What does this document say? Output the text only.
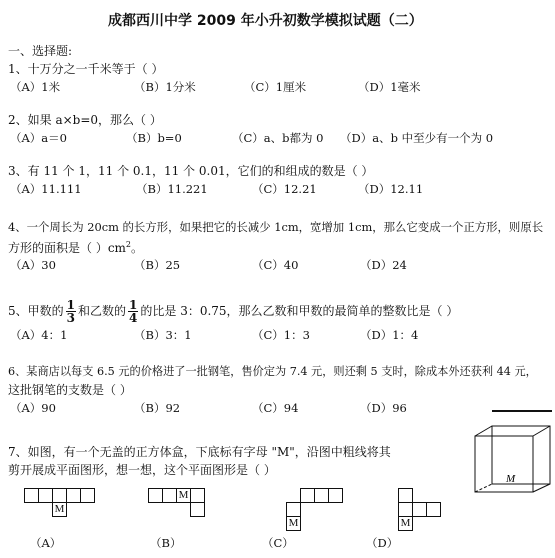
成都西川中学 2009 年小升初数学模拟试题（二）
一、选择题:
1、十万分之一千米等于（ ）
（A）1米	（B）1分米	（C）1厘米	（D）1毫米
2、如果 a×b=0，那么（ ）
（A）a＝0	（B）b=0	（C）a、b都为 0 （D）a、b 中至少有一个为 0
3、有 11 个 1，11 个 0.1，11 个 0.01，它们的和组成的数是（ ）
（A）11.111	（B）11.221	（C）12.21	（D）12.11
4、一个周长为 20cm 的长方形，如果把它的长减少 1cm，宽增加 1cm，那么它变成一个正方形，则原长
方形的面积是（ ）$cm^2$。
（A）30	（B）25	（C）40	（D）24
5、甲数的 $\frac{1}{3}$ 和乙数的 $\frac{1}{4}$ 的比是 3：0.75，那么乙数和甲数的最简单的整数比是（ ）
（A）4：1	（B）3：1	（C）1：3	（D）1：4
6、某商店以每支 6.5 元的价格进了一批钢笔，售价定为 7.4 元，则还剩 5 支时，除成本外还获利 44 元，
这批钢笔的支数是（ ）
（A）90	（B）92	（C）94	（D）96
7、如图，有一个无盖的正方体盒，下底标有字母 "M"，沿图中粗线将其
剪开展成平面图形，想一想，这个平面图形是（ ）
M
M
M
M	M
（A）	（B）	（C）	（D）
